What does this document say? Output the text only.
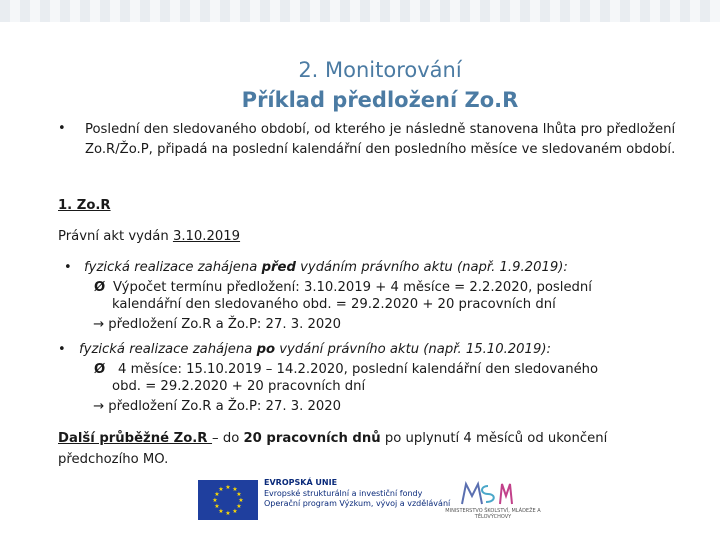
2. Monitorování
Příklad předložení Zo.R
• Poslední den sledovaného období, od kterého je následně stanovena lhůta pro předložení Zo.R/Žo.P, připadá na poslední kalendářní den posledního měsíce ve sledovaném období.
1. Zo.R
Právní akt vydán 3.10.2019
• fyzická realizace zahájena před vydáním právního aktu (např. 1.9.2019):
Ø Výpočet termínu předložení: 3.10.2019 + 4 měsíce = 2.2.2020, poslední
kalendářní den sledovaného obd. = 29.2.2020 + 20 pracovních dní
→ předložení Zo.R a Žo.P: 27. 3. 2020
• fyzická realizace zahájena po vydání právního aktu (např. 15.10.2019):
Ø 4 měsíce: 15.10.2019 – 14.2.2020, poslední kalendářní den sledovaného
obd. = 29.2.2020 + 20 pracovních dní
→ předložení Zo.R a Žo.P: 27. 3. 2020
Další průběžné Zo.R – do 20 pracovních dnů po uplynutí 4 měsíců od ukončení
předchozího MO.
★ ★
★
★
★
★
★
★
★
★
★
★
EVROPSKÁ UNIE
Evropské strukturální a investiční fondy
Operační program Výzkum, vývoj a vzdělávání
MINISTERSTVO ŠKOLSTVÍ, MLÁDEŽE A TĚLOVÝCHOVY
